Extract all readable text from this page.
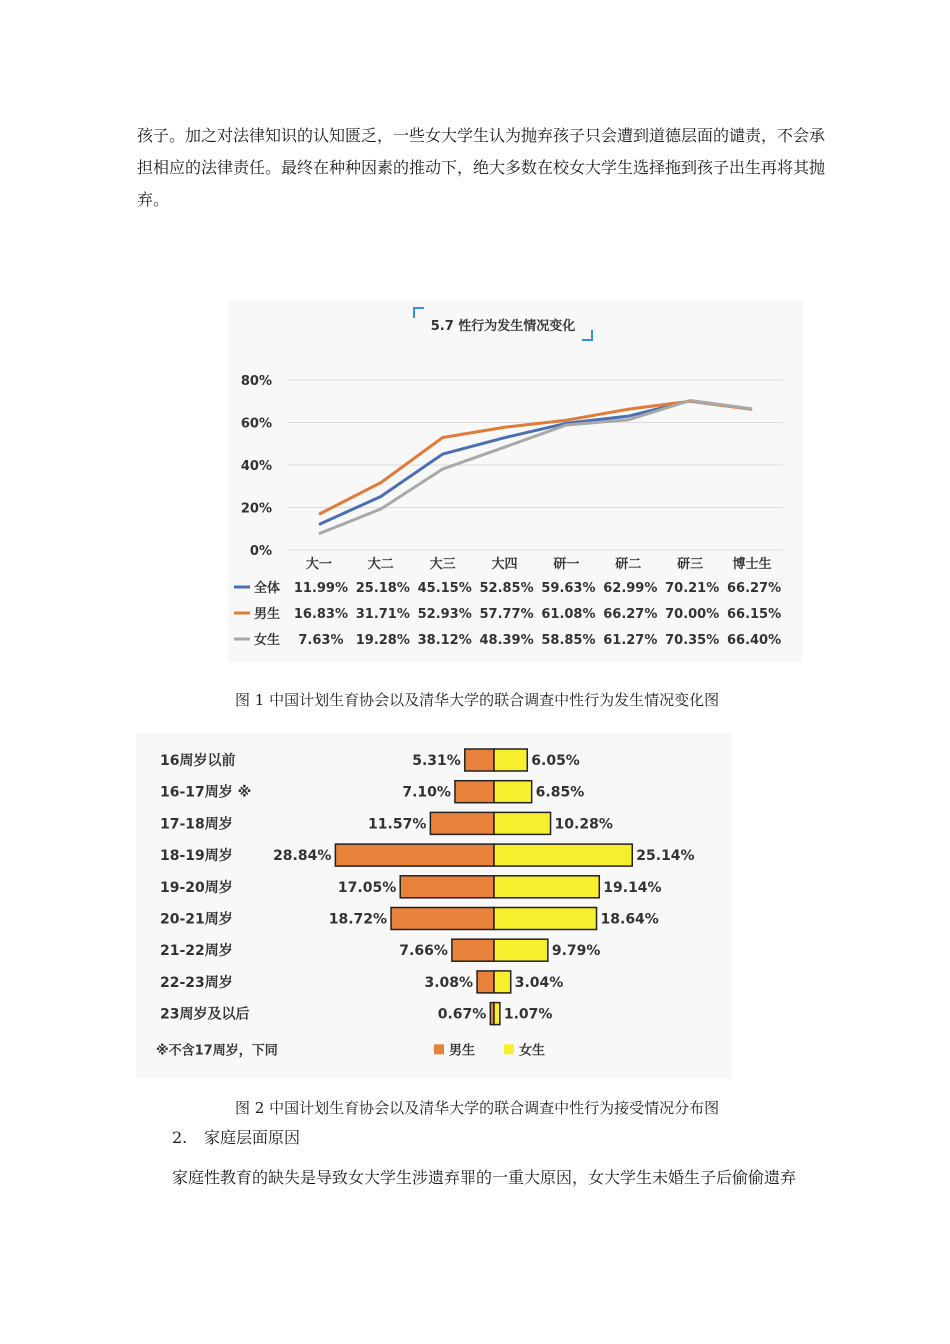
孩子。加之对法律知识的认知匮乏，一些女大学生认为抛弃孩子只会遭到道德层面的谴责，不会承担相应的法律责任。最终在种种因素的推动下，绝大多数在校女大学生选择拖到孩子出生再将其抛弃。

5.7 性行为发生情况变化
80%
60%
40%
20%
0%
大一	大二	大三	大四	研一	研二	研三 博士生
全体 11.99% 25.18% 45.15% 52.85% 59.63% 62.99% 70.21% 66.27%
男生 16.83% 31.71% 52.93% 57.77% 61.08% 66.27% 70.00% 66.15%
女生 7.63% 19.28% 38.12% 48.39% 58.85% 61.27% 70.35% 66.40%

图 1 中国计划生育协会以及清华大学的联合调查中性行为发生情况变化图

16周岁以前	5.31%	6.05%
16-17周岁 ※	7.10%	6.85%
17-18周岁	11.57%	10.28%
18-19周岁	28.84%	25.14%
19-20周岁	17.05%	19.14%
20-21周岁	18.72%	18.64%
21-22周岁	7.66%	9.79%
22-23周岁	3.08%	3.04%
23周岁及以后	0.67% 1.07%
※不含17周岁，下同	男生	女生

图 2 中国计划生育协会以及清华大学的联合调查中性行为接受情况分布图

2. 家庭层面原因

家庭性教育的缺失是导致女大学生涉遗弃罪的一重大原因，女大学生未婚生子后偷偷遗弃
